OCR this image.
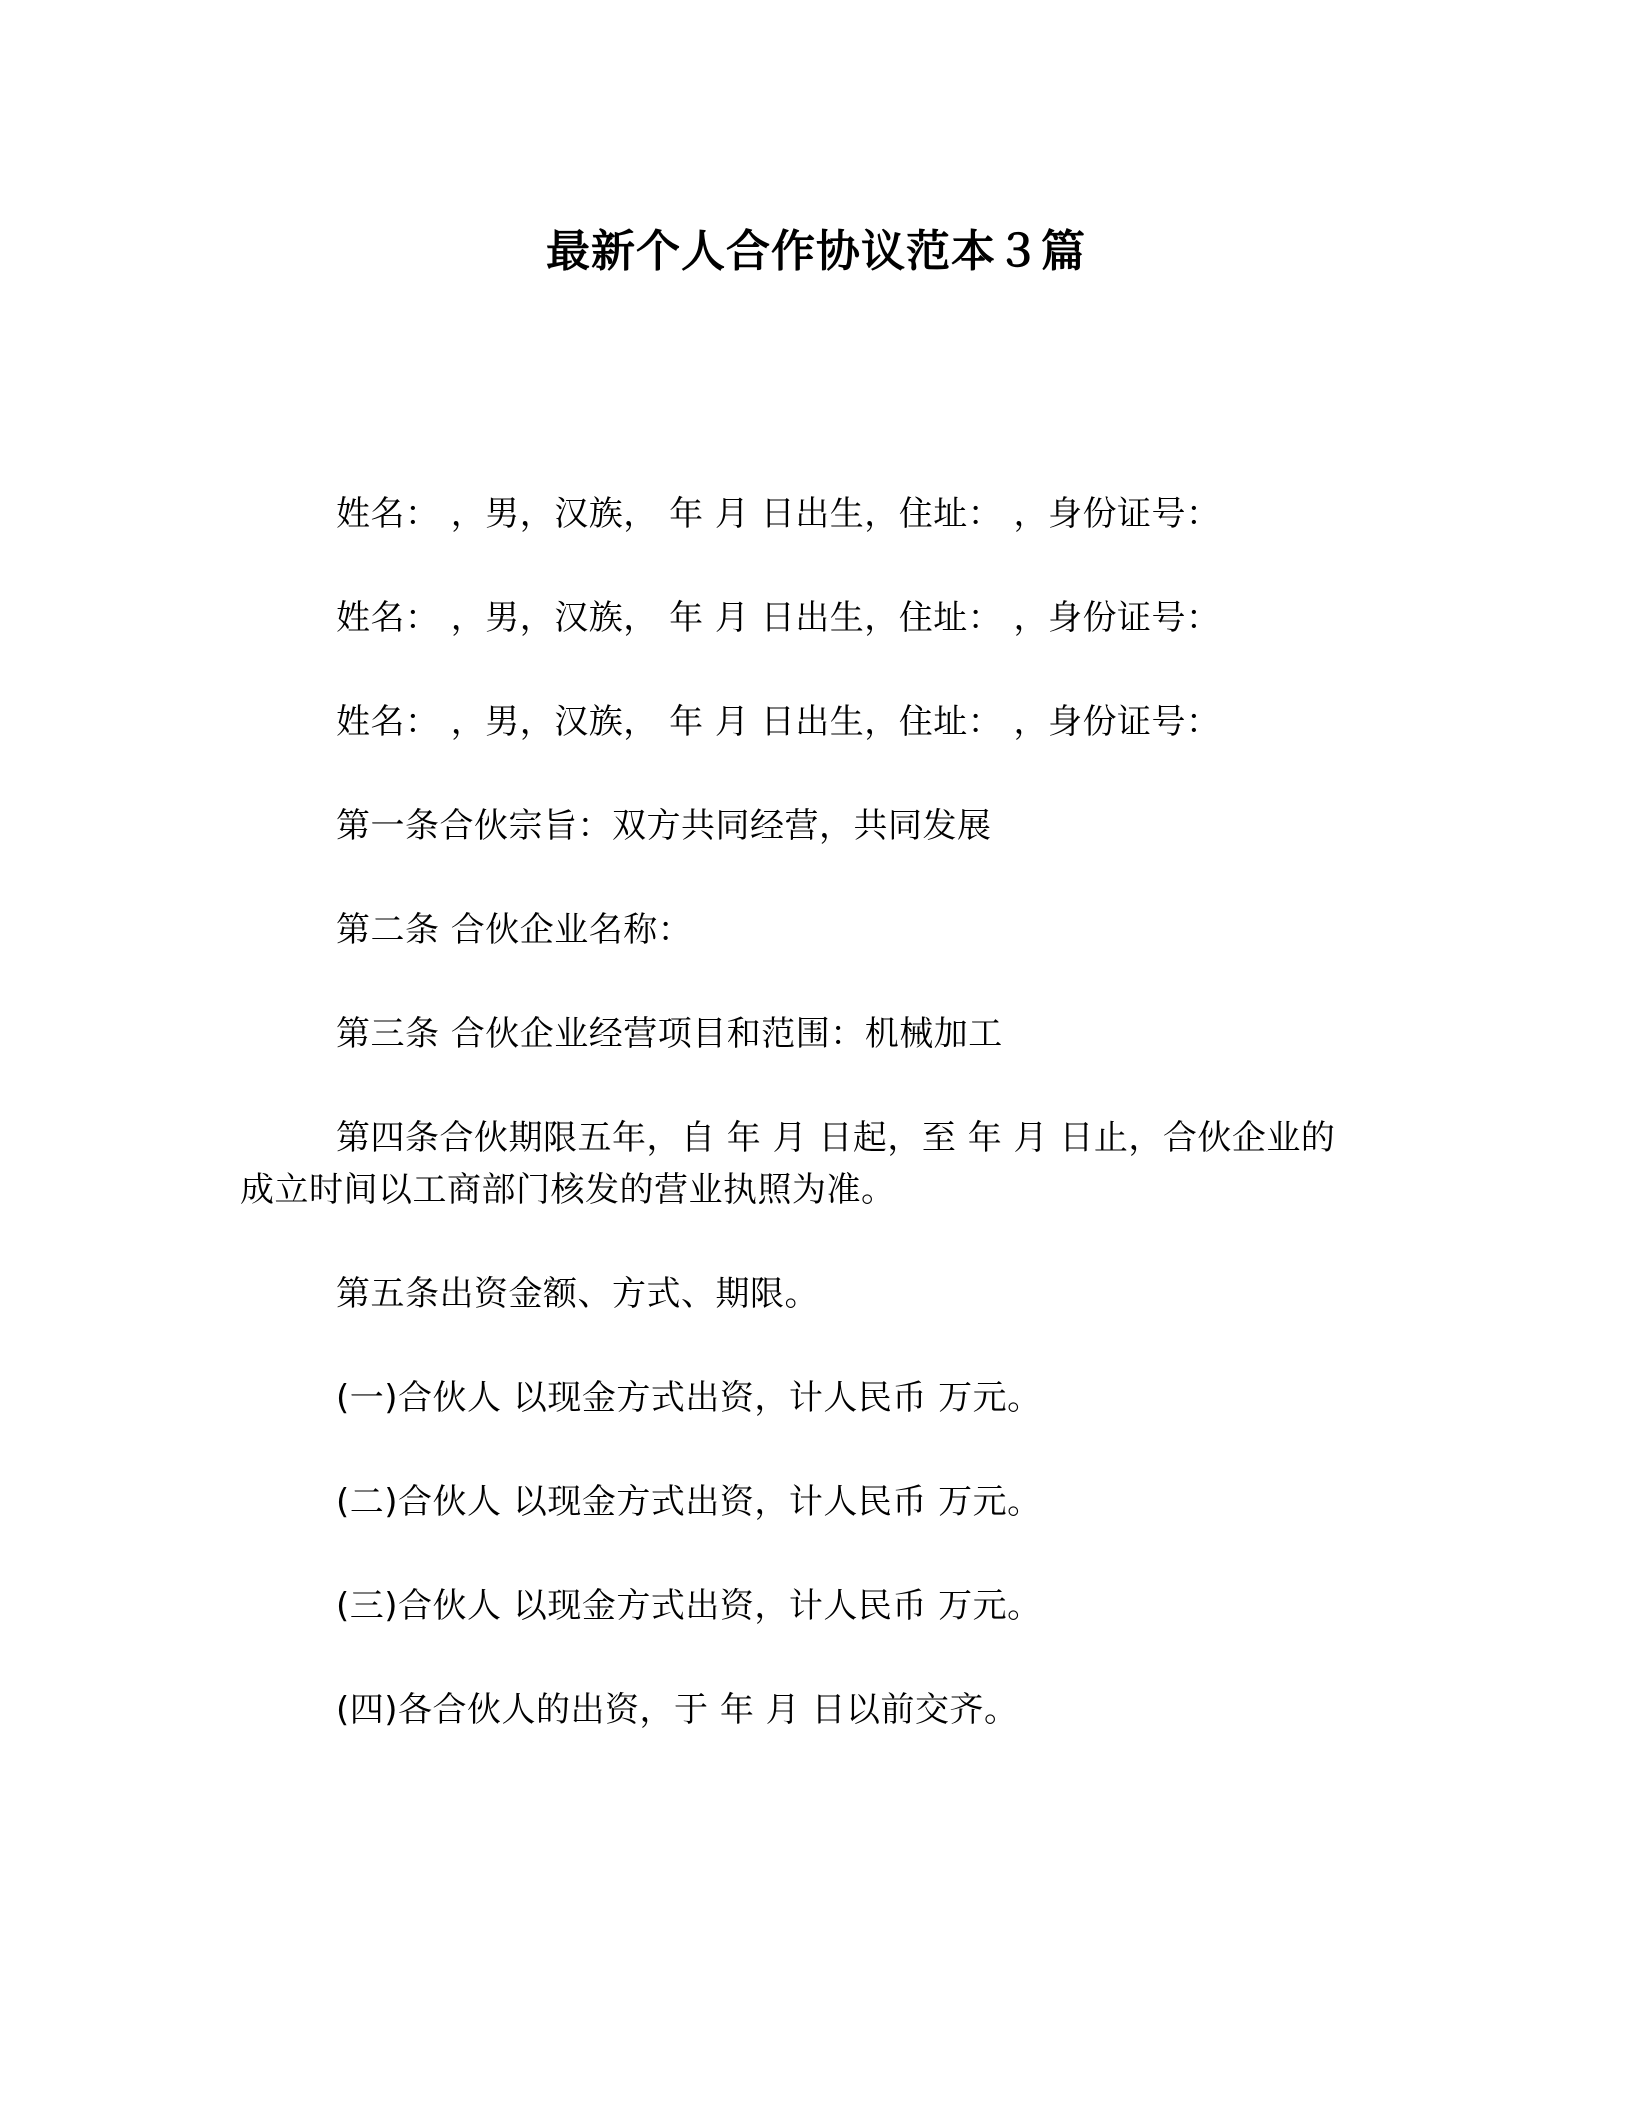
最新个人合作协议范本３篇

姓名： ，男，汉族， 年 月 日出生，住址： ，身份证号：

姓名： ，男，汉族， 年 月 日出生，住址： ，身份证号：

姓名： ，男，汉族， 年 月 日出生，住址： ，身份证号：

第一条合伙宗旨：双方共同经营，共同发展

第二条 合伙企业名称：

第三条 合伙企业经营项目和范围：机械加工

第四条合伙期限五年，自 年 月 日起，至 年 月 日止，合伙企业的成立时间以工商部门核发的营业执照为准。

第五条出资金额、方式、期限。

(一)合伙人 以现金方式出资，计人民币 万元。

(二)合伙人 以现金方式出资，计人民币 万元。

(三)合伙人 以现金方式出资，计人民币 万元。

(四)各合伙人的出资，于 年 月 日以前交齐。
